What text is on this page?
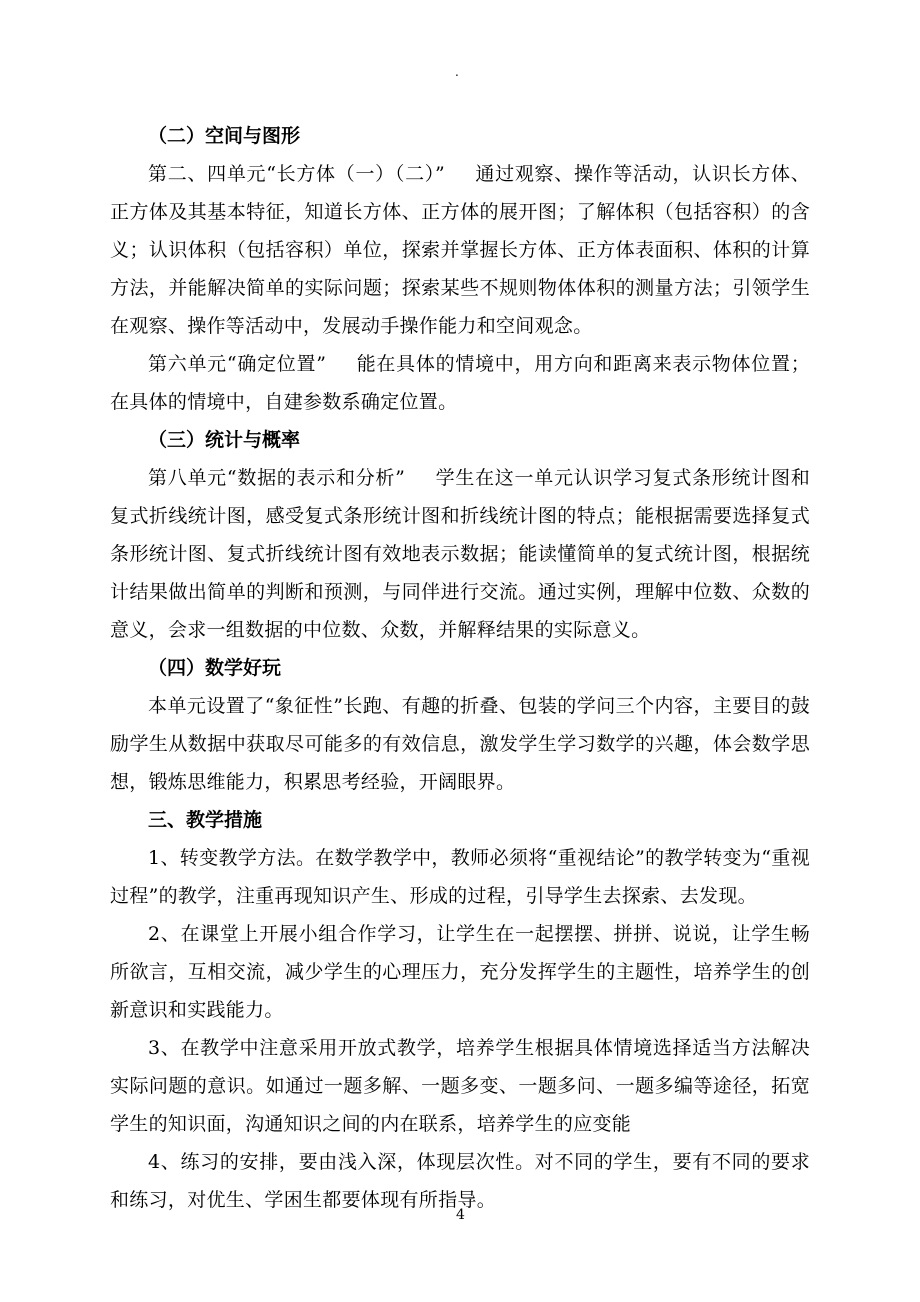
.

（二）空间与图形

第二、四单元“长方体（一）（二）” 通过观察、操作等活动，认识长方体、正方体及其基本特征，知道长方体、正方体的展开图；了解体积（包括容积）的含义；认识体积（包括容积）单位，探索并掌握长方体、正方体表面积、体积的计算方法，并能解决简单的实际问题；探索某些不规则物体体积的测量方法；引领学生在观察、操作等活动中，发展动手操作能力和空间观念。

第六单元“确定位置” 能在具体的情境中，用方向和距离来表示物体位置；在具体的情境中，自建参数系确定位置。

（三）统计与概率

第八单元“数据的表示和分析” 学生在这一单元认识学习复式条形统计图和复式折线统计图，感受复式条形统计图和折线统计图的特点；能根据需要选择复式条形统计图、复式折线统计图有效地表示数据；能读懂简单的复式统计图，根据统计结果做出简单的判断和预测，与同伴进行交流。通过实例，理解中位数、众数的意义，会求一组数据的中位数、众数，并解释结果的实际意义。

（四）数学好玩

本单元设置了“象征性”长跑、有趣的折叠、包装的学问三个内容，主要目的鼓励学生从数据中获取尽可能多的有效信息，激发学生学习数学的兴趣，体会数学思想，锻炼思维能力，积累思考经验，开阔眼界。

三、教学措施

1、转变教学方法。在数学教学中，教师必须将“重视结论”的教学转变为“重视过程”的教学，注重再现知识产生、形成的过程，引导学生去探索、去发现。

2、在课堂上开展小组合作学习，让学生在一起摆摆、拼拼、说说，让学生畅所欲言，互相交流，减少学生的心理压力，充分发挥学生的主题性，培养学生的创新意识和实践能力。

3、在教学中注意采用开放式教学，培养学生根据具体情境选择适当方法解决实际问题的意识。如通过一题多解、一题多变、一题多问、一题多编等途径，拓宽学生的知识面，沟通知识之间的内在联系，培养学生的应变能

4、练习的安排，要由浅入深，体现层次性。对不同的学生，要有不同的要求和练习，对优生、学困生都要体现有所指导。

4
